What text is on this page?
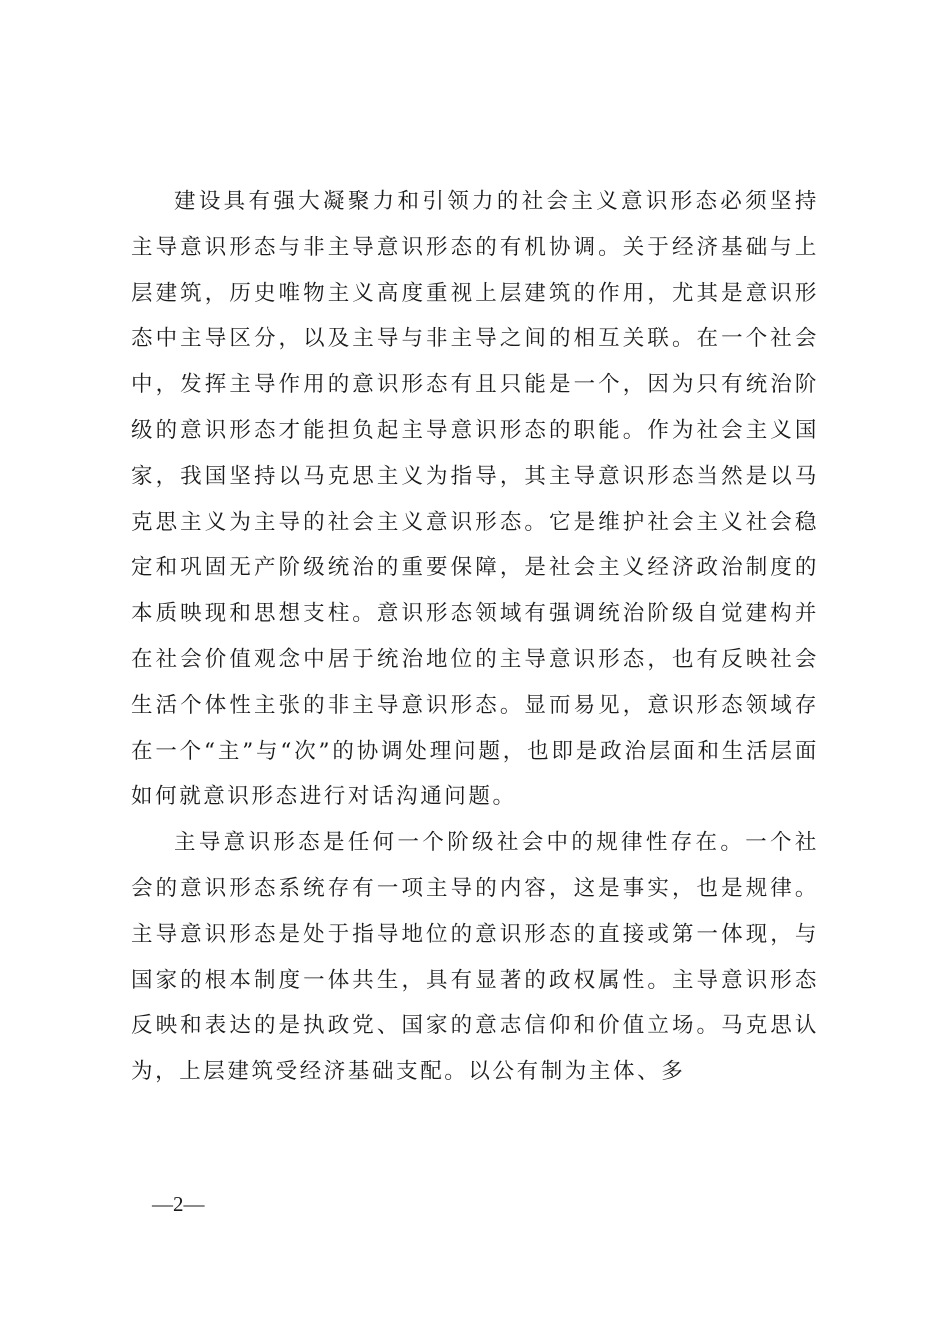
建设具有强大凝聚力和引领力的社会主义意识形态必须坚持主导意识形态与非主导意识形态的有机协调。关于经济基础与上层建筑，历史唯物主义高度重视上层建筑的作用，尤其是意识形态中主导区分，以及主导与非主导之间的相互关联。在一个社会中，发挥主导作用的意识形态有且只能是一个，因为只有统治阶级的意识形态才能担负起主导意识形态的职能。作为社会主义国家，我国坚持以马克思主义为指导，其主导意识形态当然是以马克思主义为主导的社会主义意识形态。它是维护社会主义社会稳定和巩固无产阶级统治的重要保障，是社会主义经济政治制度的本质映现和思想支柱。意识形态领域有强调统治阶级自觉建构并在社会价值观念中居于统治地位的主导意识形态，也有反映社会生活个体性主张的非主导意识形态。显而易见，意识形态领域存在一个“主”与“次”的协调处理问题，也即是政治层面和生活层面如何就意识形态进行对话沟通问题。

主导意识形态是任何一个阶级社会中的规律性存在。一个社会的意识形态系统存有一项主导的内容，这是事实，也是规律。主导意识形态是处于指导地位的意识形态的直接或第一体现，与国家的根本制度一体共生，具有显著的政权属性。主导意识形态反映和表达的是执政党、国家的意志信仰和价值立场。马克思认为，上层建筑受经济基础支配。以公有制为主体、多

—2—
